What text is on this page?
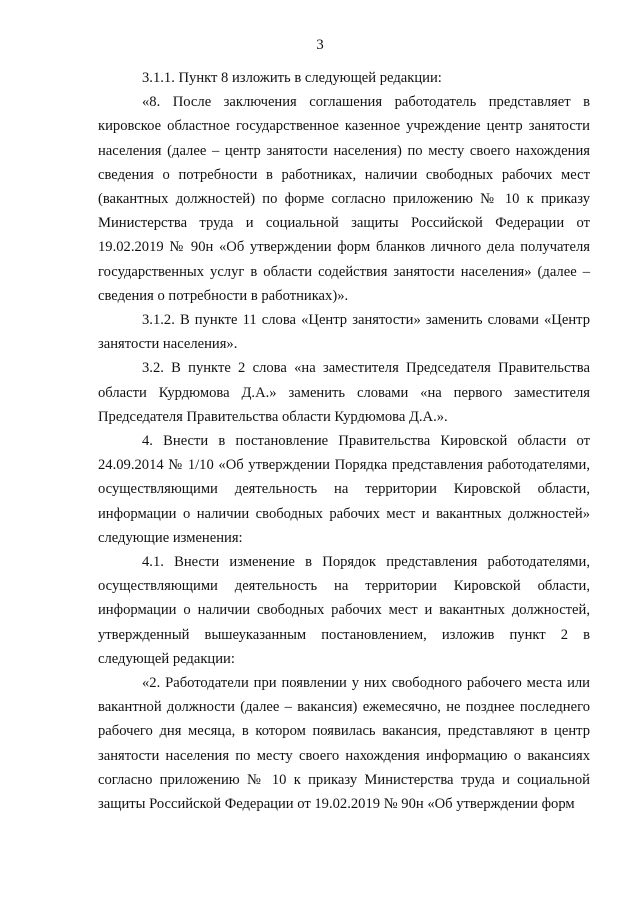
3

3.1.1. Пункт 8 изложить в следующей редакции:

«8. После заключения соглашения работодатель представляет в кировское областное государственное казенное учреждение центр занятости населения (далее – центр занятости населения) по месту своего нахождения сведения о потребности в работниках, наличии свободных рабочих мест (вакантных должностей) по форме согласно приложению № 10 к приказу Министерства труда и социальной защиты Российской Федерации от 19.02.2019 № 90н «Об утверждении форм бланков личного дела получателя государственных услуг в области содействия занятости населения» (далее – сведения о потребности в работниках)».

3.1.2. В пункте 11 слова «Центр занятости» заменить словами «Центр занятости населения».

3.2. В пункте 2 слова «на заместителя Председателя Правительства области Курдюмова Д.А.» заменить словами «на первого заместителя Председателя Правительства области Курдюмова Д.А.».

4. Внести в постановление Правительства Кировской области от 24.09.2014 № 1/10 «Об утверждении Порядка представления работодателями, осуществляющими деятельность на территории Кировской области, информации о наличии свободных рабочих мест и вакантных должностей» следующие изменения:

4.1. Внести изменение в Порядок представления работодателями, осуществляющими деятельность на территории Кировской области, информации о наличии свободных рабочих мест и вакантных должностей, утвержденный вышеуказанным постановлением, изложив пункт 2 в следующей редакции:

«2. Работодатели при появлении у них свободного рабочего места или вакантной должности (далее – вакансия) ежемесячно, не позднее последнего рабочего дня месяца, в котором появилась вакансия, представляют в центр занятости населения по месту своего нахождения информацию о вакансиях согласно приложению № 10 к приказу Министерства труда и социальной защиты Российской Федерации от 19.02.2019 № 90н «Об утверждении форм
